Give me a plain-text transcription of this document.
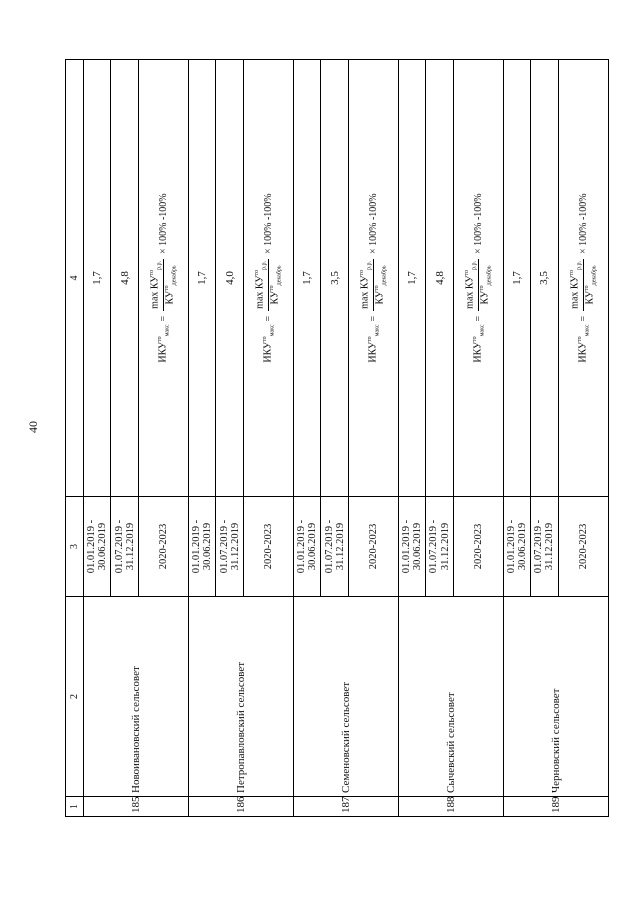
40
1	2	3	4
185	Новоивановский сельсовет	01.01.2019 - 30.06.2019	1,7

		01.07.2019 - 31.12.2019	4,8
		2020-2023	$ИКУ^{то}_{макс}$
=
$\max КУ^{то}_{р.р.}$
$КУ^{то}_{декабрь}$
× 100% -100%

186	Петропавловский сельсовет	01.01.2019 - 30.06.2019	1,7

		01.07.2019 - 31.12.2019	4,0
		2020-2023	$ИКУ^{то}_{макс}$
=
$\max КУ^{то}_{р.р.}$
$КУ^{то}_{декабрь}$
× 100% -100%

187	Семеновский сельсовет	01.01.2019 - 30.06.2019	1,7

		01.07.2019 - 31.12.2019	3,5
		2020-2023	$ИКУ^{то}_{макс}$
=
$\max КУ^{то}_{р.р.}$
$КУ^{то}_{декабрь}$
× 100% -100%

188	Сычевский сельсовет	01.01.2019 - 30.06.2019	1,7

		01.07.2019 - 31.12.2019	4,8
		2020-2023	$ИКУ^{то}_{макс}$
=
$\max КУ^{то}_{р.р.}$
$КУ^{то}_{декабрь}$
× 100% -100%

189	Черновский сельсовет	01.01.2019 - 30.06.2019	1,7

		01.07.2019 - 31.12.2019	3,5
		2020-2023	$ИКУ^{то}_{макс}$
=
$\max КУ^{то}_{р.р.}$
$КУ^{то}_{декабрь}$
× 100% -100%
